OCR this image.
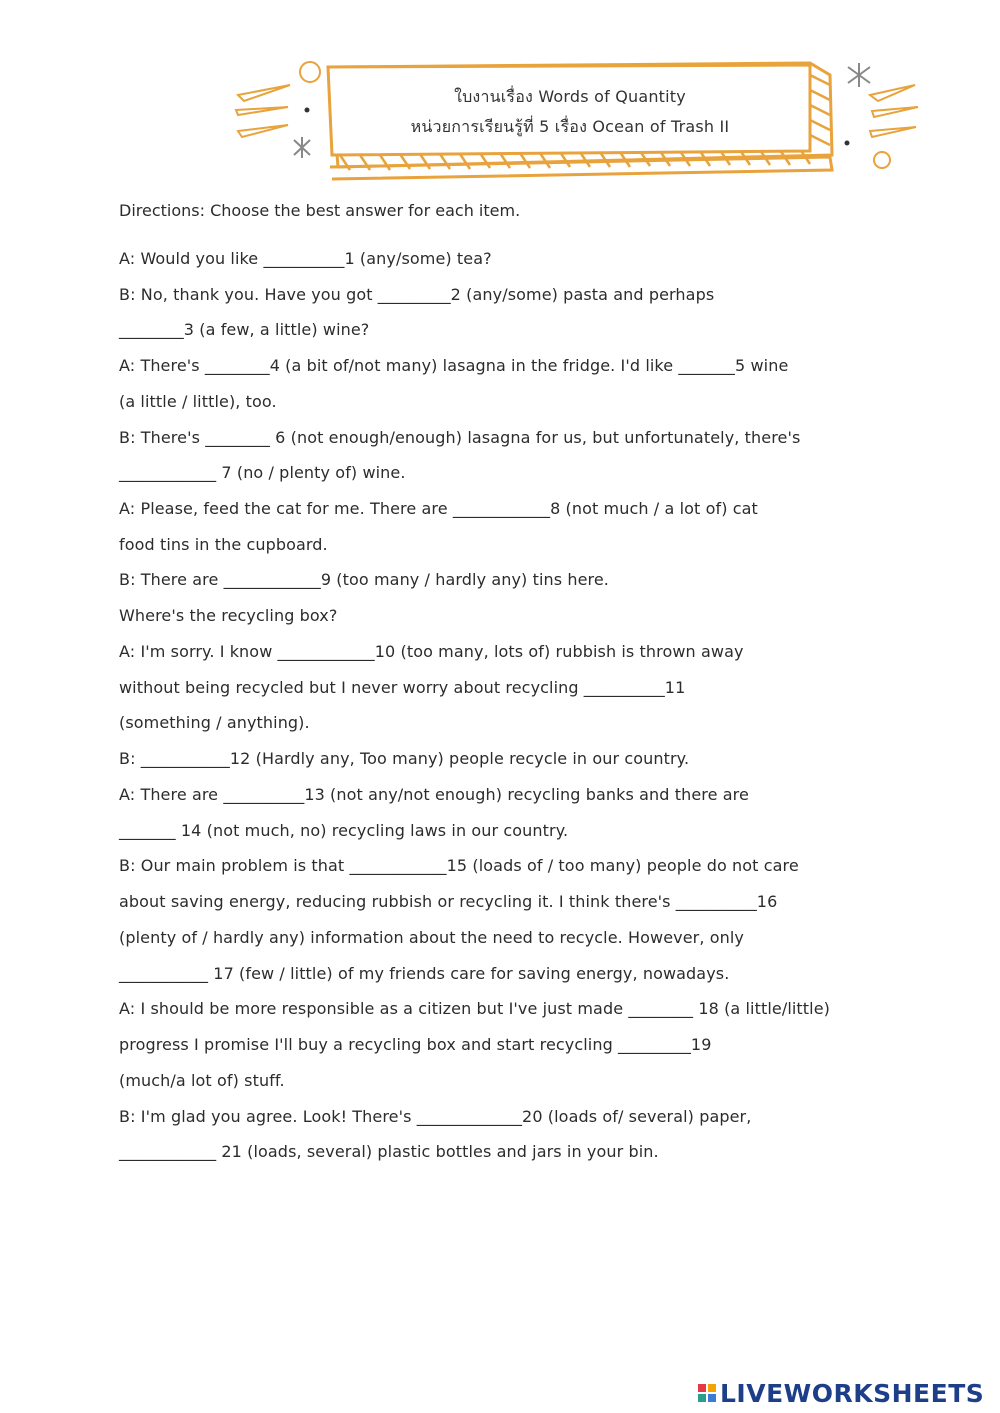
ใบงานเรื่อง Words of Quantity
หน่วยการเรียนรู้ที่ 5 เรื่อง Ocean of Trash II
Directions: Choose the best answer for each item.
A: Would you like __________1 (any/some) tea?
B: No, thank you. Have you got _________2 (any/some) pasta and perhaps
________3 (a few, a little) wine?
A: There's ________4 (a bit of/not many) lasagna in the fridge. I'd like _______5 wine
(a little / little), too.
B: There's ________ 6 (not enough/enough) lasagna for us, but unfortunately, there's
____________ 7 (no / plenty of) wine.
A: Please, feed the cat for me. There are ____________8 (not much / a lot of) cat
food tins in the cupboard.
B: There are ____________9 (too many / hardly any) tins here.
Where's the recycling box?
A: I'm sorry. I know ____________10 (too many, lots of) rubbish is thrown away
without being recycled but I never worry about recycling __________11
(something / anything).
B: ___________12 (Hardly any, Too many) people recycle in our country.
A: There are __________13 (not any/not enough) recycling banks and there are
_______ 14 (not much, no) recycling laws in our country.
B: Our main problem is that ____________15 (loads of / too many) people do not care
about saving energy, reducing rubbish or recycling it. I think there's __________16
(plenty of / hardly any) information about the need to recycle. However, only
___________ 17 (few / little) of my friends care for saving energy, nowadays.
A: I should be more responsible as a citizen but I've just made ________ 18 (a little/little)
progress I promise I'll buy a recycling box and start recycling _________19
(much/a lot of) stuff.
B: I'm glad you agree. Look! There's _____________20 (loads of/ several) paper,
____________ 21 (loads, several) plastic bottles and jars in your bin.
LIVEWORKSHEETS
